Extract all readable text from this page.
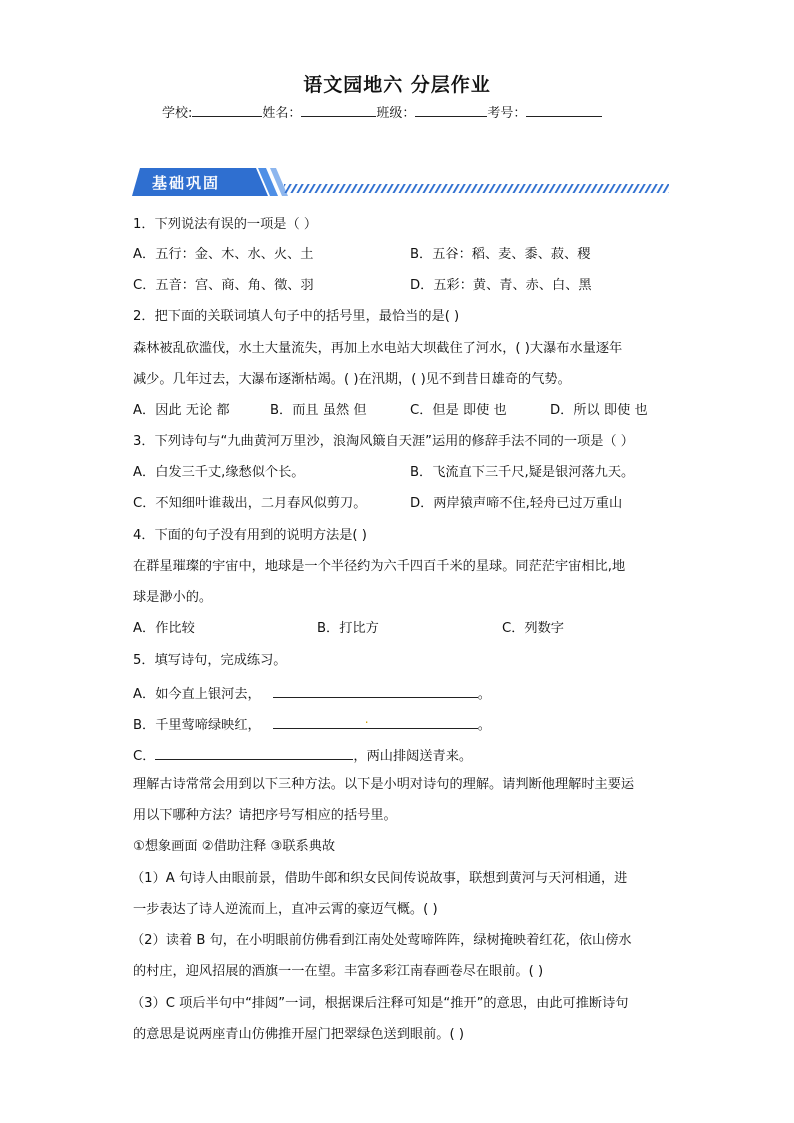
语文园地六 分层作业
学校:	姓名：	班级：	考号：
基础巩固
1．下列说法有误的一项是（ ）
A．五行：金、木、水、火、土	B．五谷：稻、麦、黍、菽、稷
C．五音：宫、商、角、徵、羽	D．五彩：黄、青、赤、白、黑
2．把下面的关联词填人句子中的括号里，最恰当的是( )
森林被乱砍滥伐，水土大量流失，再加上水电站大坝截住了河水，( )大瀑布水量逐年
减少。几年过去，大瀑布逐渐枯竭。( )在汛期，( )见不到昔日雄奇的气势。
A．因此 无论 都	B．而且 虽然 但	C．但是 即使 也	D．所以 即使 也
3．下列诗句与“九曲黄河万里沙，浪淘风簸自天涯”运用的修辞手法不同的一项是（ ）
A．白发三千丈,缘愁似个长。	B．飞流直下三千尺,疑是银河落九天。
C．不知细叶谁裁出，二月春风似剪刀。	D．两岸猿声啼不住,轻舟已过万重山
4．下面的句子没有用到的说明方法是( )
在群星璀璨的宇宙中，地球是一个半径约为六千四百千米的星球。同茫茫宇宙相比,地
球是渺小的。
A．作比较	B．打比方	C．列数字
5．填写诗句，完成练习。
A．如今直上银河去，	。
B．千里莺啼绿映红，	.	。
C．	，两山排闼送青来。
理解古诗常常会用到以下三种方法。以下是小明对诗句的理解。请判断他理解时主要运
用以下哪种方法？请把序号写相应的括号里。
①想象画面 ②借助注释 ③联系典故
（1）A 句诗人由眼前景，借助牛郎和织女民间传说故事，联想到黄河与天河相通，进
一步表达了诗人逆流而上，直冲云霄的豪迈气概。( )
（2）读着 B 句，在小明眼前仿佛看到江南处处莺啼阵阵，绿树掩映着红花，依山傍水
的村庄，迎风招展的酒旗一一在望。丰富多彩江南春画卷尽在眼前。( )
（3）C 项后半句中“排闼”一词，根据课后注释可知是“推开”的意思，由此可推断诗句
的意思是说两座青山仿佛推开屋门把翠绿色送到眼前。( )
